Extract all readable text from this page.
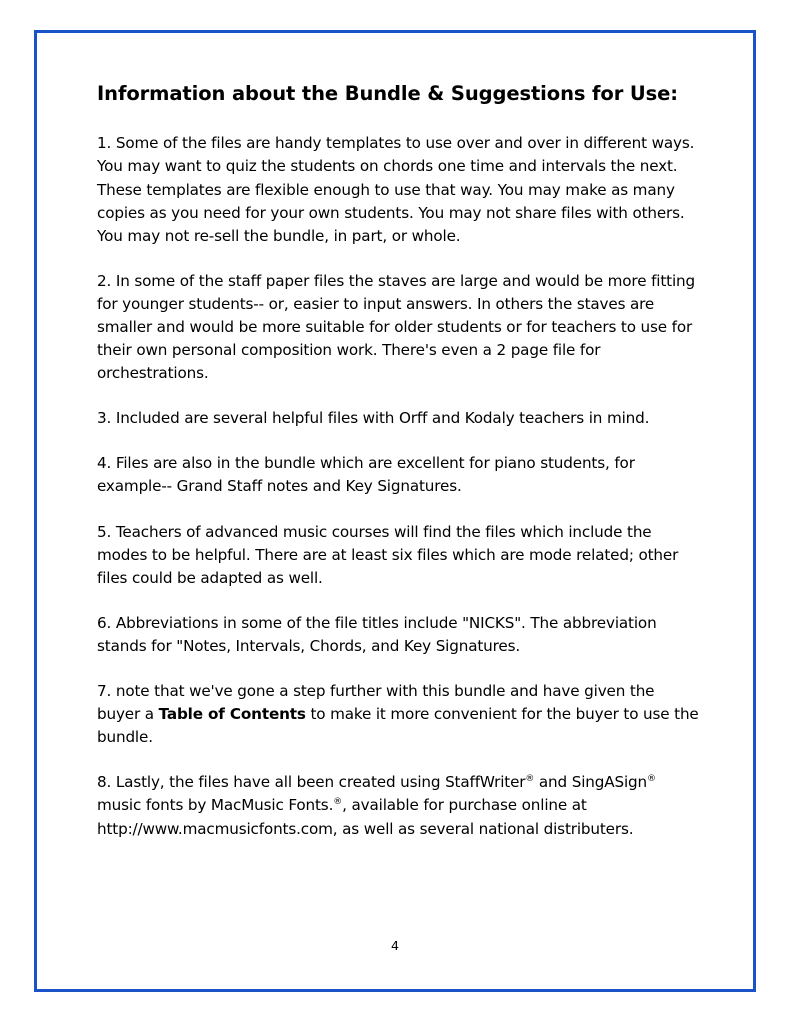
Information about the Bundle & Suggestions for Use:
1. Some of the files are handy templates to use over and over in different ways. You may want to quiz the students on chords one time and intervals the next. These templates are flexible enough to use that way. You may make as many copies as you need for your own students. You may not share files with others. You may not re-sell the bundle, in part, or whole.
2. In some of the staff paper files the staves are large and would be more fitting for younger students-- or, easier to input answers. In others the staves are smaller and would be more suitable for older students or for teachers to use for their own personal composition work. There's even a 2 page file for orchestrations.
3. Included are several helpful files with Orff and Kodaly teachers in mind.
4. Files are also in the bundle which are excellent for piano students, for example-- Grand Staff notes and Key Signatures.
5. Teachers of advanced music courses will find the files which include the modes to be helpful. There are at least six files which are mode related; other files could be adapted as well.
6. Abbreviations in some of the file titles include "NICKS". The abbreviation stands for "Notes, Intervals, Chords, and Key Signatures.
7. note that we've gone a step further with this bundle and have given the buyer a Table of Contents to make it more convenient for the buyer to use the bundle.
8. Lastly, the files have all been created using StaffWriter® and SingASign® music fonts by MacMusic Fonts.®, available for purchase online at http://www.macmusicfonts.com, as well as several national distributers.
4
